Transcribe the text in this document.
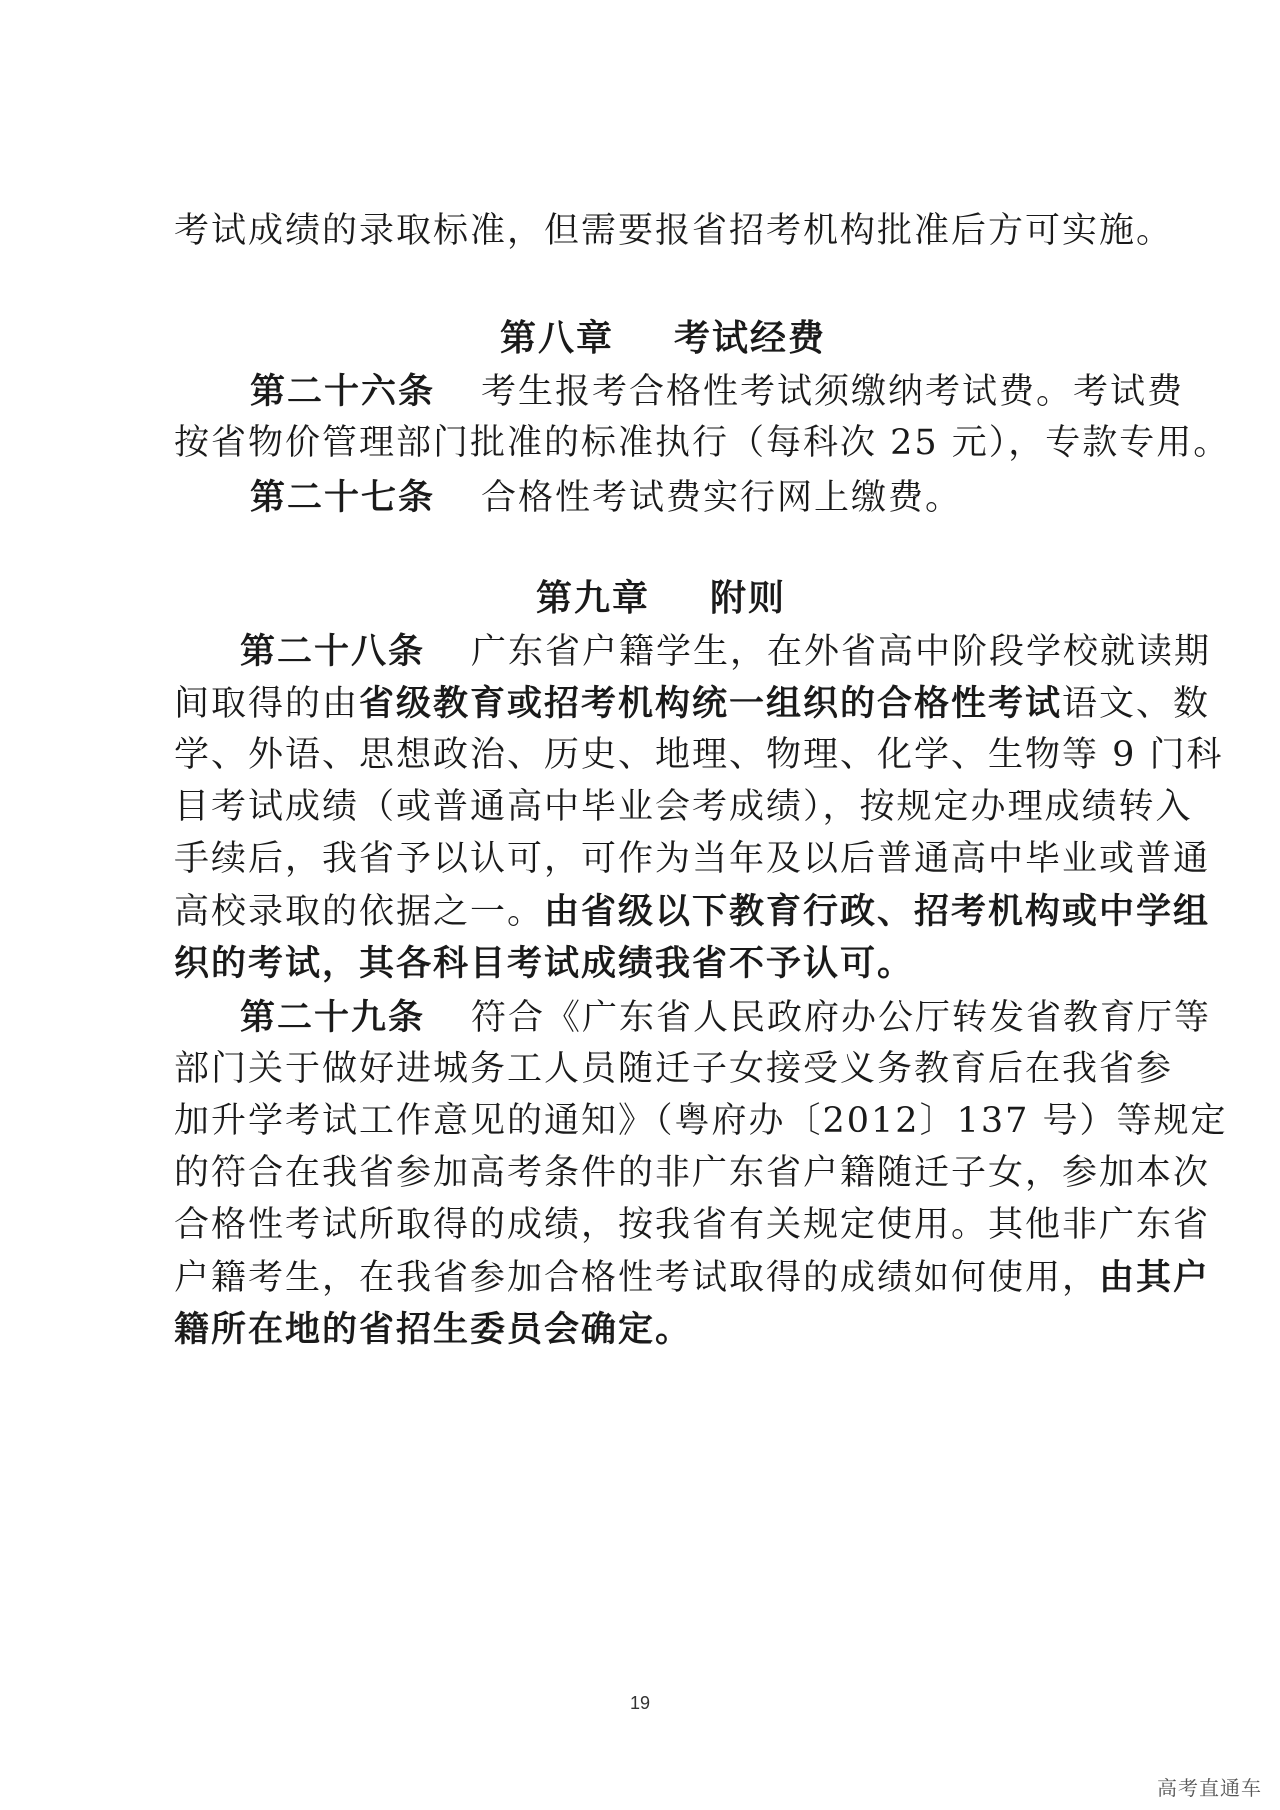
考试成绩的录取标准，但需要报省招考机构批准后方可实施。
第八章 考试经费
第二十六条 考生报考合格性考试须缴纳考试费。考试费
按省物价管理部门批准的标准执行（每科次 25 元），专款专用。
第二十七条 合格性考试费实行网上缴费。
第九章 附则
第二十八条 广东省户籍学生，在外省高中阶段学校就读期
间取得的由省级教育或招考机构统一组织的合格性考试语文、数
学、外语、思想政治、历史、地理、物理、化学、生物等 9 门科
目考试成绩（或普通高中毕业会考成绩），按规定办理成绩转入
手续后，我省予以认可，可作为当年及以后普通高中毕业或普通
高校录取的依据之一。由省级以下教育行政、招考机构或中学组
织的考试，其各科目考试成绩我省不予认可。
第二十九条 符合《广东省人民政府办公厅转发省教育厅等
部门关于做好进城务工人员随迁子女接受义务教育后在我省参
加升学考试工作意见的通知》（粤府办〔2012〕137 号）等规定
的符合在我省参加高考条件的非广东省户籍随迁子女，参加本次
合格性考试所取得的成绩，按我省有关规定使用。其他非广东省
户籍考生，在我省参加合格性考试取得的成绩如何使用，由其户
籍所在地的省招生委员会确定。
19
高考直通车
